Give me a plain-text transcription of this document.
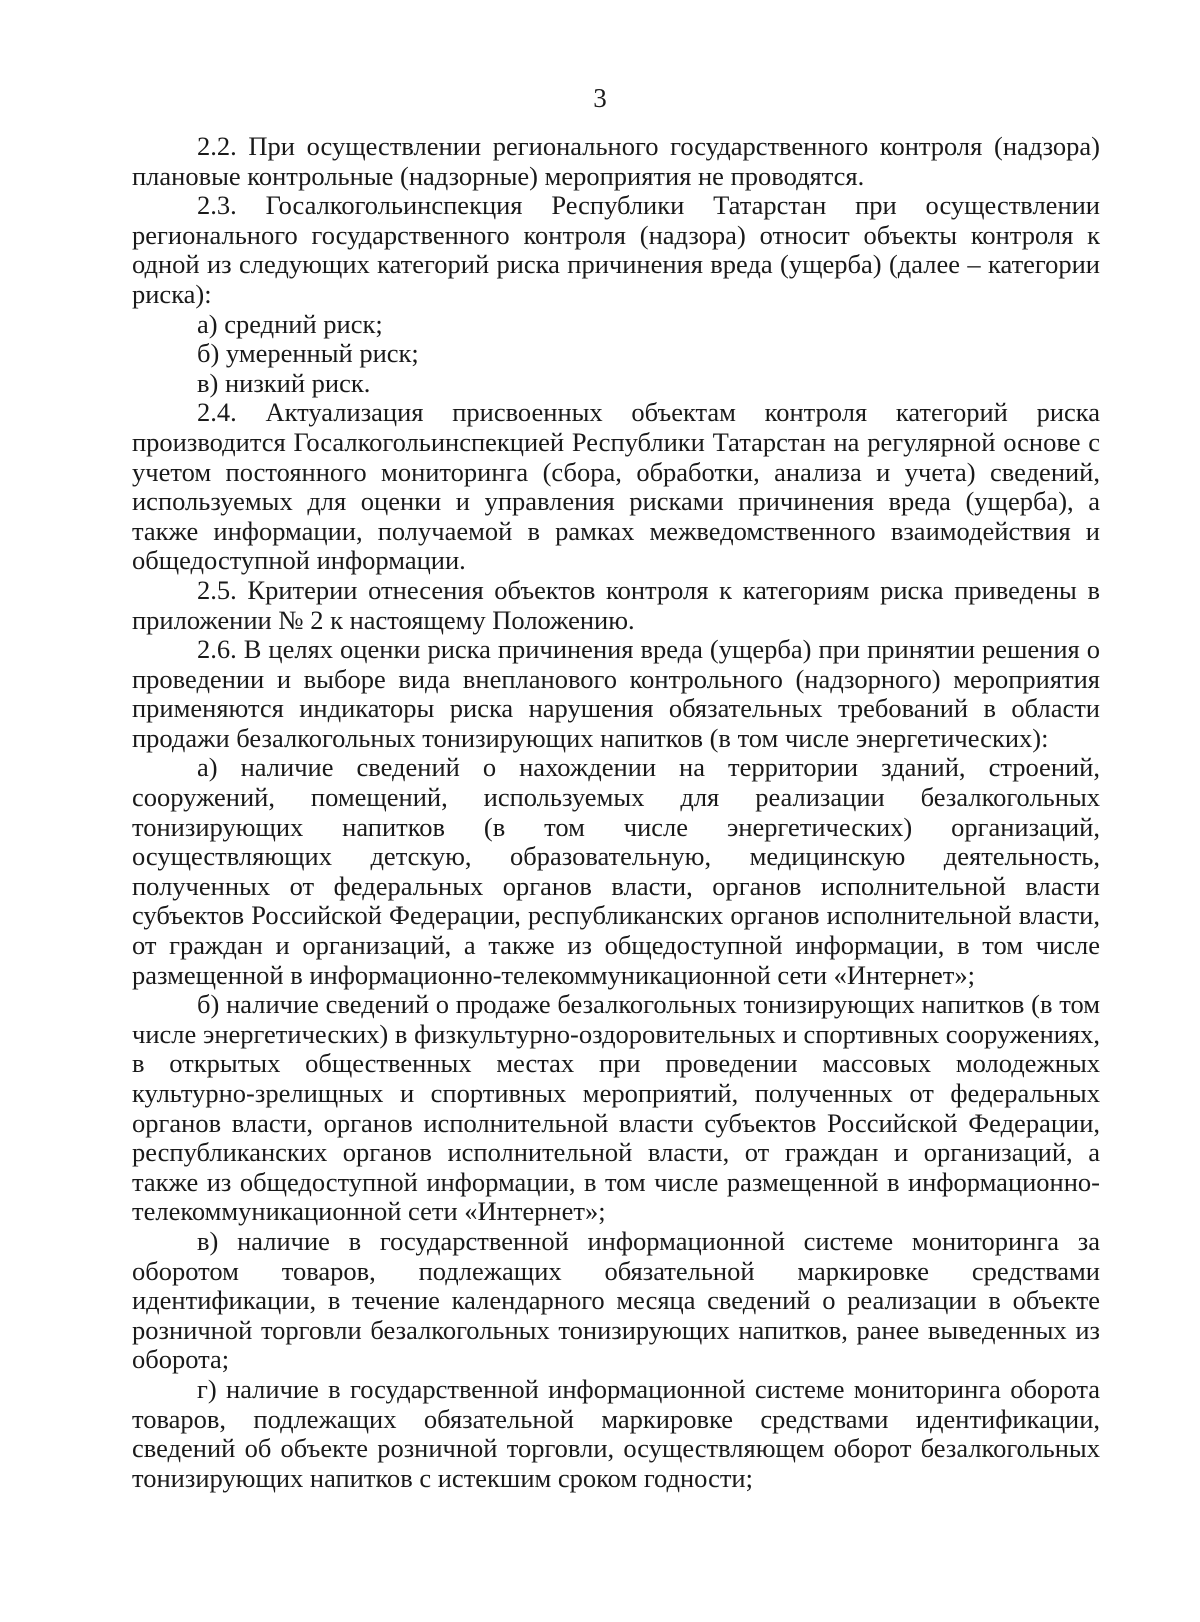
3

2.2. При осуществлении регионального государственного контроля (надзора) плановые контрольные (надзорные) мероприятия не проводятся.

2.3. Госалкогольинспекция Республики Татарстан при осуществлении регионального государственного контроля (надзора) относит объекты контроля к одной из следующих категорий риска причинения вреда (ущерба) (далее – категории риска):

а) средний риск;

б) умеренный риск;

в) низкий риск.

2.4. Актуализация присвоенных объектам контроля категорий риска производится Госалкогольинспекцией Республики Татарстан на регулярной основе с учетом постоянного мониторинга (сбора, обработки, анализа и учета) сведений, используемых для оценки и управления рисками причинения вреда (ущерба), а также информации, получаемой в рамках межведомственного взаимодействия и общедоступной информации.

2.5. Критерии отнесения объектов контроля к категориям риска приведены в приложении № 2 к настоящему Положению.

2.6. В целях оценки риска причинения вреда (ущерба) при принятии решения о проведении и выборе вида внепланового контрольного (надзорного) мероприятия применяются индикаторы риска нарушения обязательных требований в области продажи безалкогольных тонизирующих напитков (в том числе энергетических):

а) наличие сведений о нахождении на территории зданий, строений, сооружений, помещений, используемых для реализации безалкогольных тонизирующих напитков (в том числе энергетических) организаций, осуществляющих детскую, образовательную, медицинскую деятельность, полученных от федеральных органов власти, органов исполнительной власти субъектов Российской Федерации, республиканских органов исполнительной власти, от граждан и организаций, а также из общедоступной информации, в том числе размещенной в информационно-телекоммуникационной сети «Интернет»;

б) наличие сведений о продаже безалкогольных тонизирующих напитков (в том числе энергетических) в физкультурно-оздоровительных и спортивных сооружениях, в открытых общественных местах при проведении массовых молодежных культурно-зрелищных и спортивных мероприятий, полученных от федеральных органов власти, органов исполнительной власти субъектов Российской Федерации, республиканских органов исполнительной власти, от граждан и организаций, а также из общедоступной информации, в том числе размещенной в информационно-телекоммуникационной сети «Интернет»;

в) наличие в государственной информационной системе мониторинга за оборотом товаров, подлежащих обязательной маркировке средствами идентификации, в течение календарного месяца сведений о реализации в объекте розничной торговли безалкогольных тонизирующих напитков, ранее выведенных из оборота;

г) наличие в государственной информационной системе мониторинга оборота товаров, подлежащих обязательной маркировке средствами идентификации, сведений об объекте розничной торговли, осуществляющем оборот безалкогольных тонизирующих напитков с истекшим сроком годности;
